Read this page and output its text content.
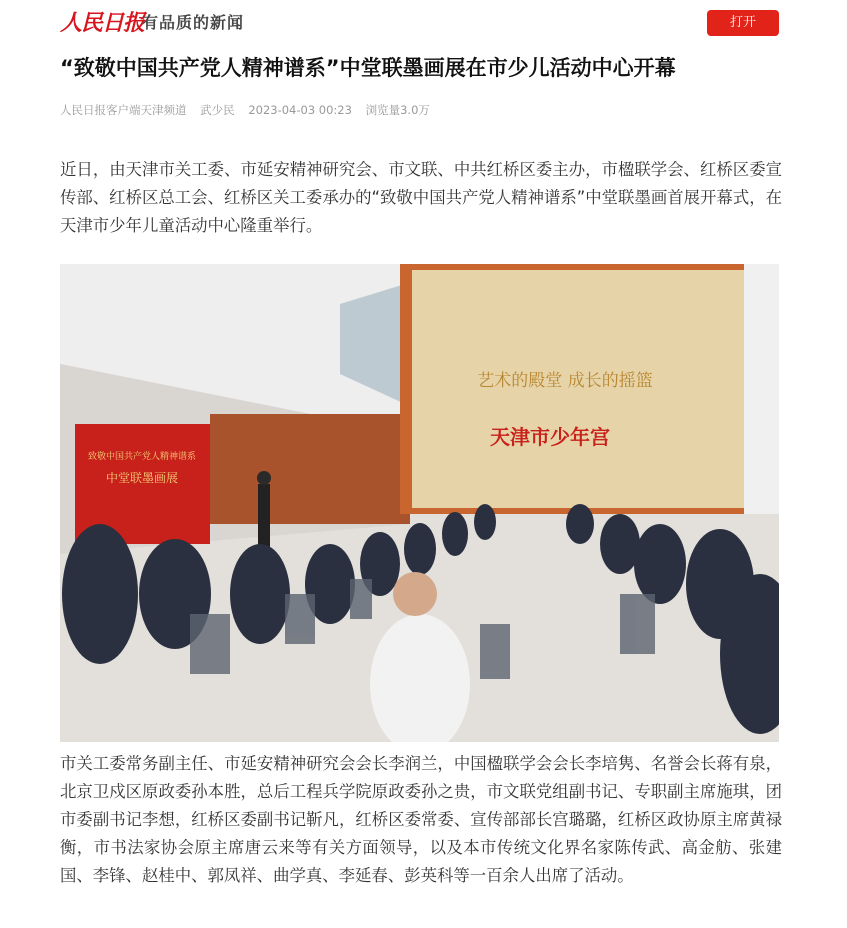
人民日报
有品质的新闻	打开
“致敬中国共产党人精神谱系”中堂联墨画展在市少儿活动中心开幕
人民日报客户端天津频道 武少民 2023-04-03 00:23 浏览量3.0万

近日，由天津市关工委、市延安精神研究会、市文联、中共红桥区委主办，市楹联学会、红桥区委宣传部、红桥区总工会、红桥区关工委承办的“致敬中国共产党人精神谱系”中堂联墨画首展开幕式，在天津市少年儿童活动中心隆重举行。

致敬中国共产党人精神谱系
中堂联墨画展
艺术的殿堂 成长的摇篮
天津市少年宫

市关工委常务副主任、市延安精神研究会会长李润兰，中国楹联学会会长李培隽、名誉会长蒋有泉，北京卫戍区原政委孙本胜，总后工程兵学院原政委孙之贵，市文联党组副书记、专职副主席施琪，团市委副书记李想，红桥区委副书记靳凡，红桥区委常委、宣传部部长宫璐璐，红桥区政协原主席黄禄衡，市书法家协会原主席唐云来等有关方面领导，以及本市传统文化界名家陈传武、高金舫、张建国、李锋、赵桂中、郭凤祥、曲学真、李延春、彭英科等一百余人出席了活动。
